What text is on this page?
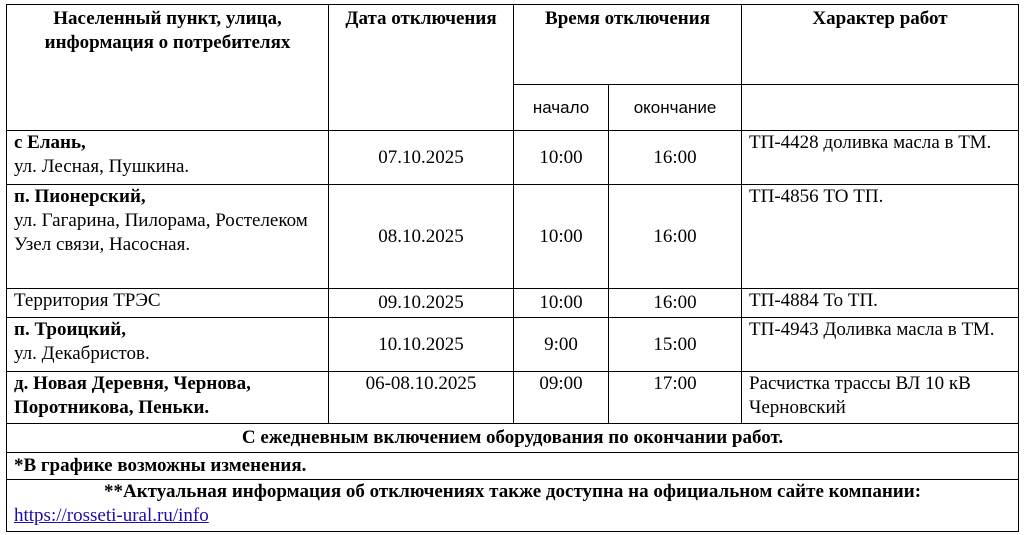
Населенный пункт, улица, информация о потребителях	Дата отключения	Время отключения		Характер работ
		начало	окончание	

с Елань,
ул. Лесная, Пушкина.	07.10.2025	10:00	16:00	ТП-4428 доливка масла в ТМ.

п. Пионерский,
ул. Гагарина, Пилорама, Ростелеком Узел связи, Насосная.	08.10.2025	10:00	16:00	ТП-4856 ТО ТП.

Территория ТРЭС	09.10.2025	10:00	16:00	ТП-4884 То ТП.

п. Троицкий,
ул. Декабристов.	10.10.2025	9:00	15:00	ТП-4943 Доливка масла в ТМ.

д. Новая Деревня, Чернова, Поротникова, Пеньки.	06-08.10.2025	09:00	17:00	Расчистка трассы ВЛ 10 кВ Черновский
С ежедневным включением оборудования по окончании работ.				
*В графике возможны изменения.				

**Актуальная информация об отключениях также доступна на официальном сайте компании:
https://rosseti-ural.ru/info				
